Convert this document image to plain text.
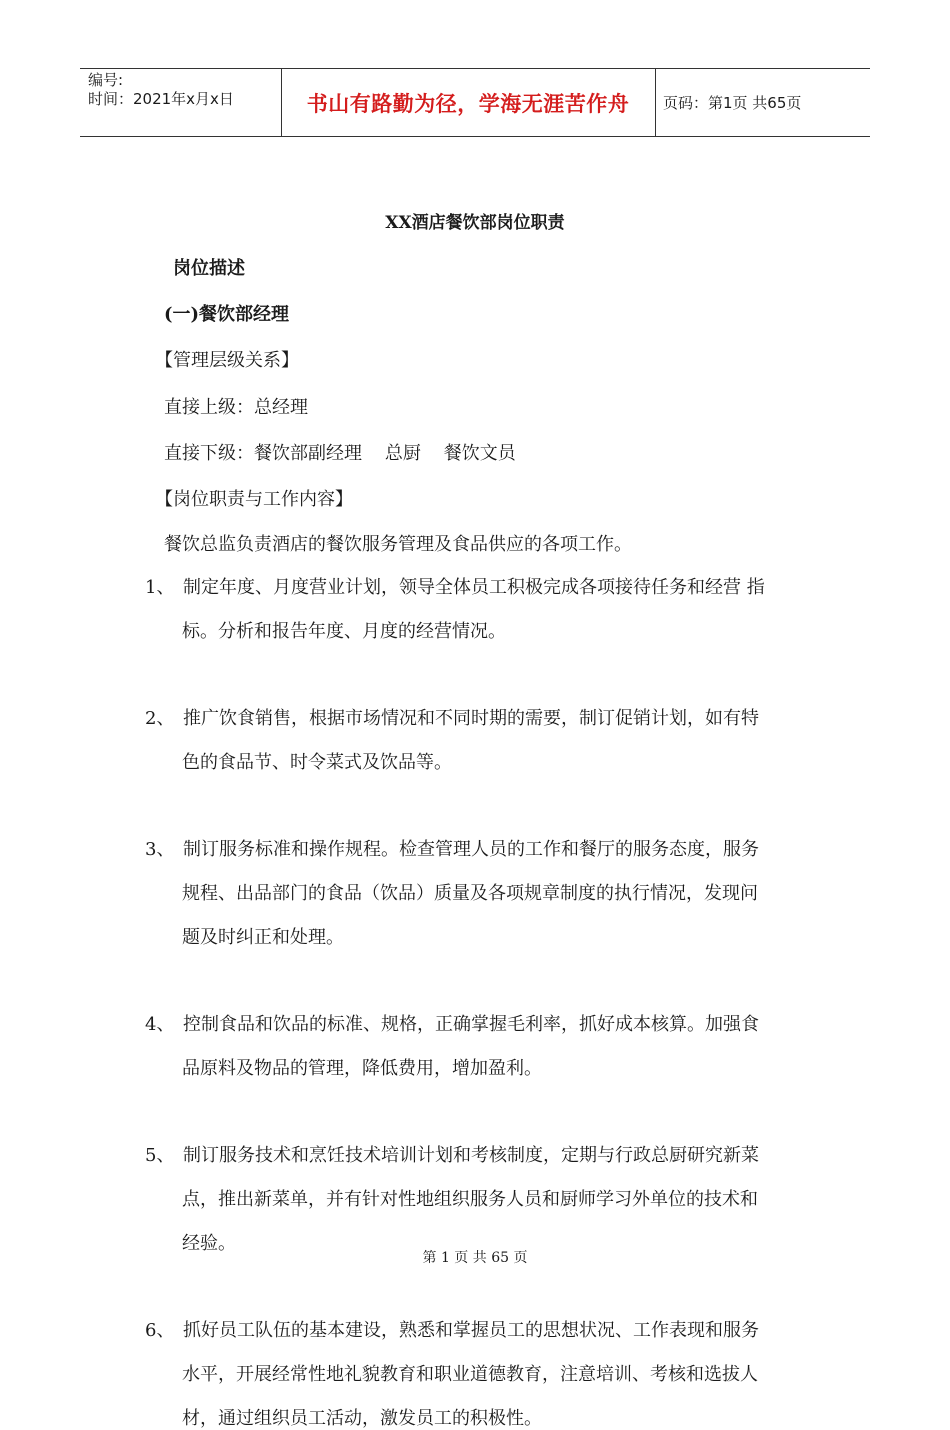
编号:
时间：2021年x月x日	书山有路勤为径，学海无涯苦作舟	页码：第1页 共65页
XX酒店餐饮部岗位职责
岗位描述
(一)餐饮部经理
【管理层级关系】
直接上级：总经理
直接下级：餐饮部副经理    总厨    餐饮文员
【岗位职责与工作内容】
餐饮总监负责酒店的餐饮服务管理及食品供应的各项工作。
1、 制定年度、月度营业计划，领导全体员工积极完成各项接待任务和经营 指
标。分析和报告年度、月度的经营情况。
2、 推广饮食销售，根据市场情况和不同时期的需要，制订促销计划，如有特
色的食品节、时令菜式及饮品等。
3、 制订服务标准和操作规程。检查管理人员的工作和餐厅的服务态度，服务
规程、出品部门的食品（饮品）质量及各项规章制度的执行情况，发现问
题及时纠正和处理。
4、 控制食品和饮品的标准、规格，正确掌握毛利率，抓好成本核算。加强食
品原料及物品的管理，降低费用，增加盈利。
5、 制订服务技术和烹饪技术培训计划和考核制度，定期与行政总厨研究新菜
点，推出新菜单，并有针对性地组织服务人员和厨师学习外单位的技术和
经验。
6、 抓好员工队伍的基本建设，熟悉和掌握员工的思想状况、工作表现和服务
水平，开展经常性地礼貌教育和职业道德教育，注意培训、考核和选拔人
材，通过组织员工活动，激发员工的积极性。
第 1 页 共 65 页
